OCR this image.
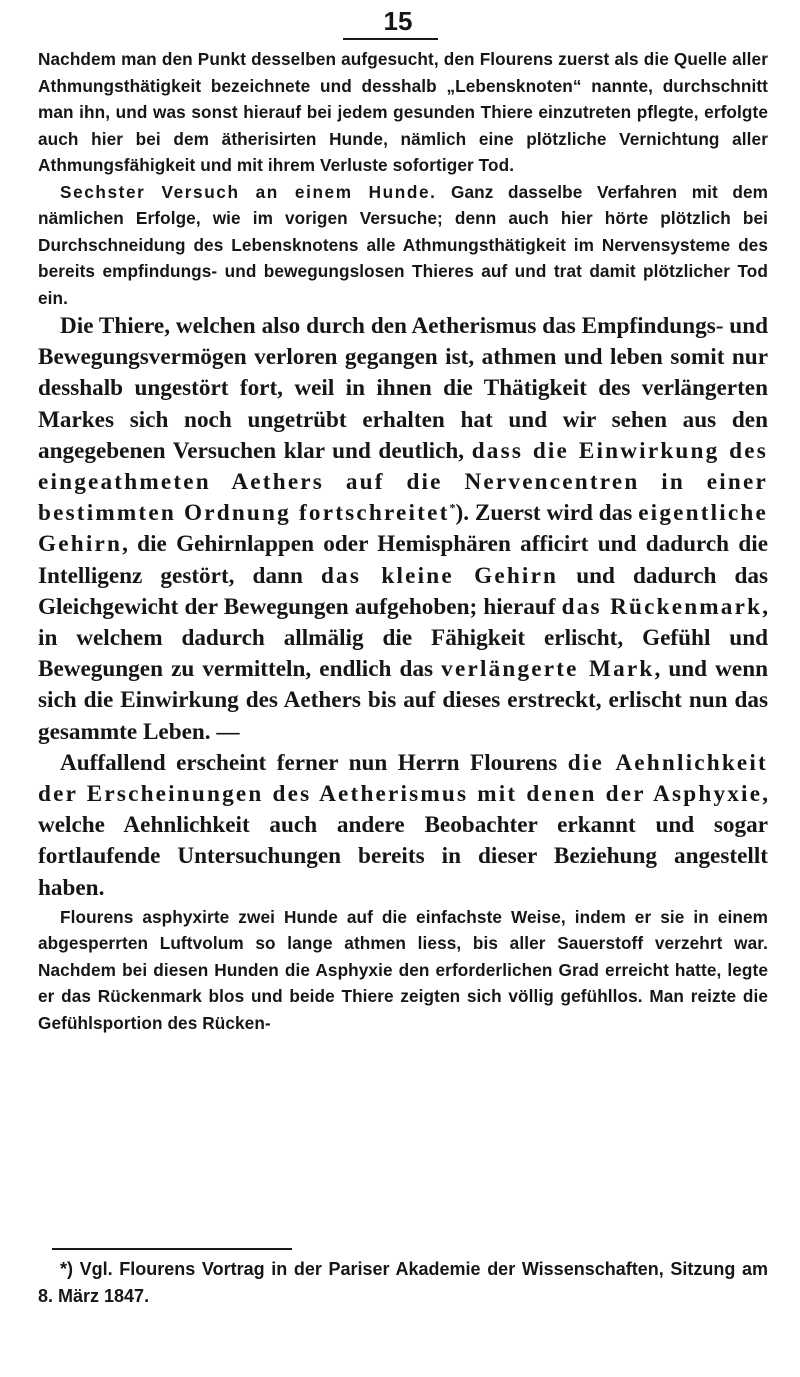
15

Nachdem man den Punkt desselben aufgesucht, den Flourens zuerst als die Quelle aller Athmungsthätigkeit bezeichnete und desshalb „Lebensknoten“ nannte, durchschnitt man ihn, und was sonst hierauf bei jedem gesunden Thiere einzutreten pflegte, erfolgte auch hier bei dem ätherisirten Hunde, nämlich eine plötzliche Vernichtung aller Athmungsfähigkeit und mit ihrem Verluste sofortiger Tod.

Sechster Versuch an einem Hunde. Ganz dasselbe Verfahren mit dem nämlichen Erfolge, wie im vorigen Versuche; denn auch hier hörte plötzlich bei Durchschneidung des Lebensknotens alle Athmungsthätigkeit im Nervensysteme des bereits empfindungs- und bewegungslosen Thieres auf und trat damit plötzlicher Tod ein.

Die Thiere, welchen also durch den Aetherismus das Empfindungs- und Bewegungsvermögen verloren gegangen ist, athmen und leben somit nur desshalb ungestört fort, weil in ihnen die Thätigkeit des verlängerten Markes sich noch ungetrübt erhalten hat und wir sehen aus den angegebenen Versuchen klar und deutlich, dass die Einwirkung des eingeathmeten Aethers auf die Nervencentren in einer bestimmten Ordnung fortschreitet*). Zuerst wird das eigentliche Gehirn, die Gehirnlappen oder Hemisphären afficirt und dadurch die Intelligenz gestört, dann das kleine Gehirn und dadurch das Gleichgewicht der Bewegungen aufgehoben; hierauf das Rückenmark, in welchem dadurch allmälig die Fähigkeit erlischt, Gefühl und Bewegungen zu vermitteln, endlich das verlängerte Mark, und wenn sich die Einwirkung des Aethers bis auf dieses erstreckt, erlischt nun das gesammte Leben. —

Auffallend erscheint ferner nun Herrn Flourens die Aehnlichkeit der Erscheinungen des Aetherismus mit denen der Asphyxie, welche Aehnlichkeit auch andere Beobachter erkannt und sogar fortlaufende Untersuchungen bereits in dieser Beziehung angestellt haben.

Flourens asphyxirte zwei Hunde auf die einfachste Weise, indem er sie in einem abgesperrten Luftvolum so lange athmen liess, bis aller Sauerstoff verzehrt war. Nachdem bei diesen Hunden die Asphyxie den erforderlichen Grad erreicht hatte, legte er das Rückenmark blos und beide Thiere zeigten sich völlig gefühllos. Man reizte die Gefühlsportion des Rücken-

*) Vgl. Flourens Vortrag in der Pariser Akademie der Wissenschaften, Sitzung am 8. März 1847.
